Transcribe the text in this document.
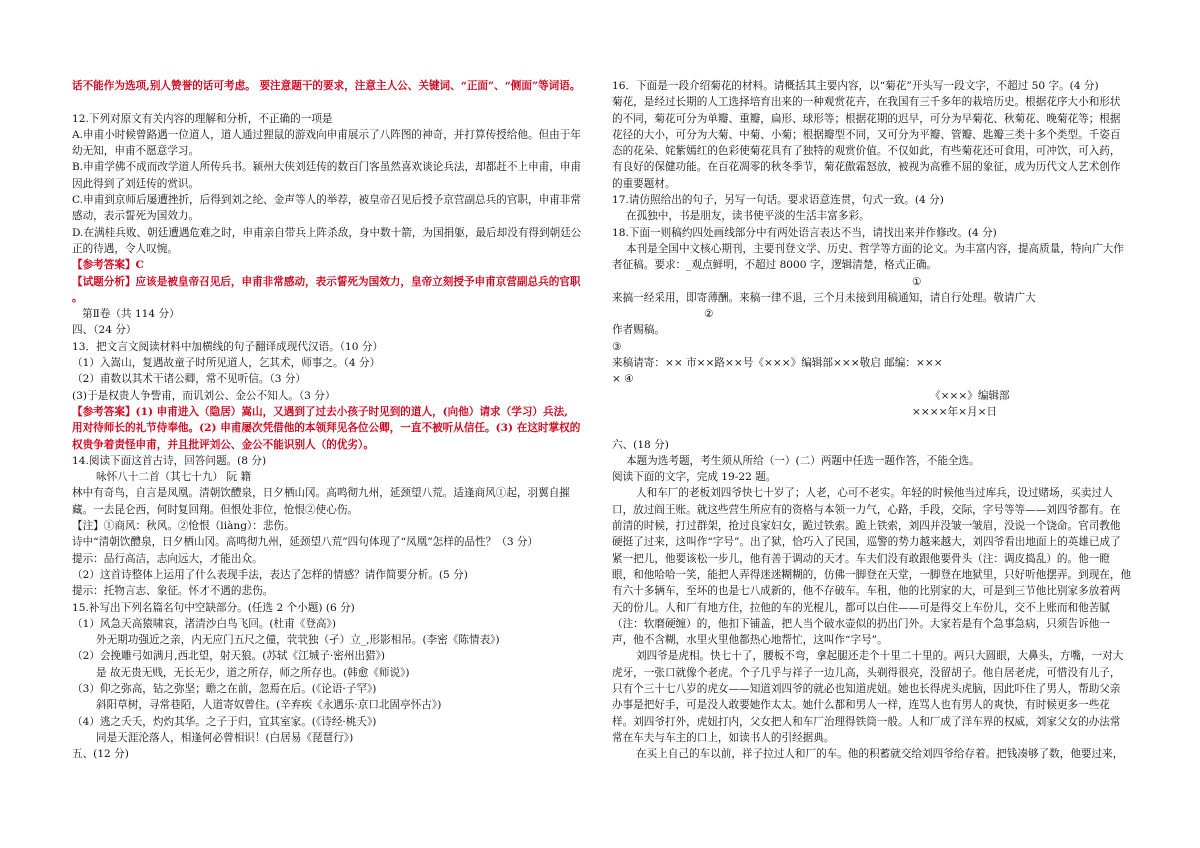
话不能作为选项,别人赞誉的话可考虑。 要注意题干的要求，注意主人公、关键词、“正面”、“侧面”等词语。
12.下列对原文有关内容的理解和分析，不正确的一项是
A.申甫小时候曾路遇一位道人，道人通过狸鼠的游戏向申甫展示了八阵图的神奇，并打算传授给他。但由于年
幼无知，申甫不愿意学习。
B.申甫学佛不成而改学道人所传兵书。颍州大侠刘廷传的数百门客虽然喜欢谈论兵法，却都赶不上申甫，申甫
因此得到了刘廷传的赏识。
C.申甫到京师后屡遭挫折，后得到刘之纶、金声等人的举荐，被皇帝召见后授予京营副总兵的官职，申甫非常
感动，表示誓死为国效力。
D.在满桂兵败、朝廷遭遇危难之时，申甫亲自带兵上阵杀敌，身中数十箭，为国捐躯，最后却没有得到朝廷公
正的待遇，令人叹惋。
【参考答案】C
【试题分析】应该是被皇帝召见后，申甫非常感动，表示誓死为国效力，皇帝立刻授予申甫京营副总兵的官职
。
第Ⅱ卷（共 114 分）
四、（24 分）
13．把文言文阅读材料中加横线的句子翻译成现代汉语。（10 分）
（1）入嵩山，复遇故童子时所见道人，乞其术，师事之。（4 分）
（2）甫数以其术干诸公卿，常不见听信。（3 分）
(3)于是权贵人争訾甫，而讥刘公、金公不知人。（3 分）
【参考答案】(1) 申甫进入（隐居）嵩山，又遇到了过去小孩子时见到的道人，(向他）请求（学习）兵法,
用对待师长的礼节侍奉他。(2) 申甫屡次凭借他的本领拜见各位公卿，一直不被听从信任。(3) 在这时掌权的
权贵争着责怪申甫，并且批评刘公、金公不能识别人（的优劣）。
14.阅读下面这首古诗，回答问题。(8 分)
咏怀八十二首（其七十九） 阮 籍
林中有奇鸟，自言是凤凰。清朝饮醴泉，日夕栖山冈。高鸣彻九州，延颈望八荒。适逢商风①起，羽翼自摧
藏。一去昆仑西，何时复回翔。但恨处非位，怆恨②使心伤。
【注】①商风：秋风。②怆恨（liàng）：悲伤。
诗中“清朝饮醴泉，日夕栖山冈。高鸣彻九州，延颈望八荒”四句体现了“凤凰”怎样的品性？（3 分）
提示：品行高洁，志向远大，才能出众。
（2）这首诗整体上运用了什么表现手法，表达了怎样的情感？请作简要分析。(5 分)
提示：托物言志、象征。怀才不遇的悲伤。
15.补写出下列名篇名句中空缺部分。(任选 2 个小题) (6 分)
（1）风急天高猿啸哀，渚清沙白鸟飞回。(杜甫《登高》)
外无期功强近之亲，内无应门五尺之僮，茕茕独（孑）立_,形影相吊。(李密《陈情表》)
（2）会挽雕弓如满月,西北望，射天狼。(苏轼《江城子·密州出猎》)
是 故无贵无贱，无长无少，道之所存，师之所存也。(韩愈《师说》)
（3）仰之弥高，钻之弥坚；瞻之在前，忽焉在后。(《论语·子罕》)
斜阳草树，寻常巷陌，人道寄奴曾住。(辛弃疾《永遇乐·京口北固亭怀古》)
（4）逃之夭夭，灼灼其华。之子于归，宜其室家。(《诗经·桃夭》)
同是天涯沦落人，相逢何必曾相识！(白居易《琵琶行》)
五、(12 分)
16．下面是一段介绍菊花的材料。请概括其主要内容，以“菊花”开头写一段文字，不超过 50 字。(4 分)
菊花，是经过长期的人工选择培育出来的一种观赏花卉，在我国有三千多年的栽培历史。根据花序大小和形状
的不同，菊花可分为单瓣、重瓣，扁形、球形等；根据花期的迟早，可分为早菊花、秋菊花、晚菊花等；根据
花径的大小，可分为大菊、中菊、小菊；根据瓣型不同，又可分为平瓣、管瓣、匙瓣三类十多个类型。千姿百
态的花朵、姹紫嫣红的色彩使菊花具有了独特的观赏价值。不仅如此，有些菊花还可食用，可冲饮，可入药，
有良好的保健功能。在百花凋零的秋冬季节，菊花傲霜怒放，被视为高雅不屈的象征，成为历代文人艺术创作
的重要题材。
17.请仿照给出的句子，另写一句话。要求语意连贯，句式一致。(4 分)
在孤独中，书是朋友，读书使平淡的生活丰富多彩。
18.下面一则稿约四处画线部分中有两处语言表达不当，请找出来并作修改。(4 分)
本刊是全国中文核心期刊，主要刊登文学、历史、哲学等方面的论文。为丰富内容，提高质量，特向广大作
者征稿。要求：_观点鲜明，不超过 8000 字，逻辑清楚，格式正确。
①
来搞一经采用，即寄薄酬。来稿一律不退，三个月未接到用稿通知，请自行处理。敬请广大
②
作者赐稿。
③
来稿请寄：×× 市××路××号《×××》编辑部×××敬启 邮编：×××
× ④
《×××》编辑部
××××年×月×日
六、(18 分)
本题为选考题，考生须从所给（一）(二）两题中任选一题作答，不能全选。
阅读下面的文字，完成 19-22 题。
人和车厂的老板刘四爷快七十岁了；人老，心可不老实。年轻的时候他当过库兵，设过赌场，买卖过人
口，放过阎王账。就这些营生所应有的资格与本领一力气，心路，手段，交际，字号等等——刘四爷都有。在
前清的时候，打过群架，抢过良家妇女，跪过铁索。跪上铁索，刘四并没皱一皱眉，没说一个饶命。官司教他
硬挺了过来，这叫作“字号”。出了狱，恰巧入了民国，巡警的势力越来越大，刘四爷看出地面上的英雄已成了
紧一把儿，他要该松一步儿，他有善于调动的天才。车夫们没有敢跟他要骨头（注：调皮捣乱）的。他一瞪
眼，和他哈哈一笑，能把人弄得迷迷糊糊的，仿佛一脚登在天堂，一脚登在地狱里，只好听他摆弄。到现在，他
有六十多辆车，至坏的也是七八成新的，他不存破车。车租，他的比别家的大，可是到三节他比别家多放着两
天的份儿。人和厂有地方住，拉他的车的光棍儿，都可以白住——可是得交上车份儿，交不上账而和他苦腻
（注：软磨硬缠）的，他扣下铺盖，把人当个破水壶似的扔出门外。大家若是有个急事急病，只须告诉他一
声，他不含糊，水里火里他都热心地帮忙，这叫作“字号”。
刘四爷是虎相。快七十了，腰板不弯，拿起腿还走个十里二十里的。两只大圆眼，大鼻头，方嘴，一对大
虎牙，一张口就像个老虎。个子几乎与祥子一边儿高，头剃得很亮，没留胡子。他自居老虎，可惜没有儿子，
只有个三十七八岁的虎女——知道刘四爷的就必也知道虎妞。她也长得虎头虎脑，因此吓住了男人，帮助父亲
办事是把好手，可是没人敢要她作太太。她什么都和男人一样，连骂人也有男人的爽快，有时候更多一些花
样。刘四爷打外，虎妞打内，父女把人和车厂治理得铁筒一般。人和厂成了洋车界的权威，刘家父女的办法常
常在车夫与车主的口上，如读书人的引经据典。
在买上自己的车以前，祥子拉过人和厂的车。他的积蓄就交给刘四爷给存着。把钱凑够了数，他要过来，
